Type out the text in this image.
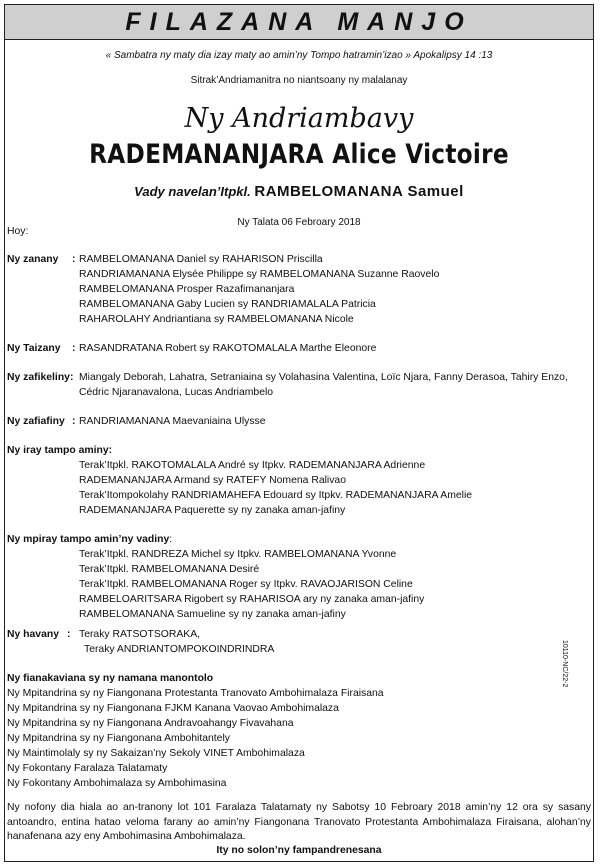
FILAZANA MANJO
« Sambatra ny maty dia izay maty ao amin’ny Tompo hatramin’izao » Apokalipsy 14 :13
Sitrak’Andriamanitra no niantsoany ny malalanay
Ny Andriambavy
RADEMANANJARA Alice Victoire
Vady navelan’Itpkl. RAMBELOMANANA Samuel
Ny Talata 06 Febroary 2018
Hoy:
Ny zanany : RAMBELOMANANA Daniel sy RAHARISON Priscilla
RANDRIAMANANA Elysée Philippe sy RAMBELOMANANA Suzanne Raovelo
RAMBELOMANANA Prosper Razafimananjara
RAMBELOMANANA Gaby Lucien sy RANDRIAMALALA Patricia
RAHAROLAHY Andriantiana sy RAMBELOMANANA Nicole
Ny Taizany : RASANDRATANA Robert sy RAKOTOMALALA Marthe Eleonore
Ny zafikeliny: Miangaly Deborah, Lahatra, Setraniaina sy Volahasina Valentina, Loïc Njara, Fanny Derasoa, Tahiry Enzo,
Cédric Njaranavalona, Lucas Andriambelo
Ny zafiafiny : RANDRIAMANANA Maevaniaina Ulysse
Ny iray tampo aminy:
Terak’Itpkl. RAKOTOMALALA André sy Itpkv. RADEMANANJARA Adrienne
RADEMANANJARA Armand sy RATEFY Nomena Ralivao
Terak’Itompokolahy RANDRIAMAHEFA Edouard sy Itpkv. RADEMANANJARA Amelie
RADEMANANJARA Paquerette sy ny zanaka aman-jafiny
Ny mpiray tampo amin’ny vadiny:
Terak’Itpkl. RANDREZA Michel sy Itpkv. RAMBELOMANANA Yvonne
Terak’Itpkl. RAMBELOMANANA Desiré
Terak’Itpkl. RAMBELOMANANA Roger sy Itpkv. RAVAOJARISON Celine
RAMBELOARITSARA Rigobert sy RAHARISOA ary ny zanaka aman-jafiny
RAMBELOMANANA Samueline sy ny zanaka aman-jafiny
Ny havany : Teraky RATSOTSORAKA,
Teraky ANDRIANTOMPOKOINDRINDRA
Ny fianakaviana sy ny namana manontolo
Ny Mpitandrina sy ny Fiangonana Protestanta Tranovato Ambohimalaza Firaisana
Ny Mpitandrina sy ny Fiangonana FJKM Kanana Vaovao Ambohimalaza
Ny Mpitandrina sy ny Fiangonana Andravoahangy Fivavahana
Ny Mpitandrina sy ny Fiangonana Ambohitantely
Ny Maintimolaly sy ny Sakaizan’ny Sekoly VINET Ambohimalaza
Ny Fokontany Faralaza Talatamaty
Ny Fokontany Ambohimalaza sy Ambohimasina
Ny nofony dia hiala ao an-tranony lot 101 Faralaza Talatamaty ny Sabotsy 10 Febroary 2018 amin’ny 12 ora sy sasany antoandro, entina hatao veloma farany ao amin’ny Fiangonana Tranovato Protestanta Ambohimalaza Firaisana, alohan’ny hanafenana azy eny Ambohimasina Ambohimalaza.
Ity no solon’ny fampandrenesana
10110-NC/22-2
